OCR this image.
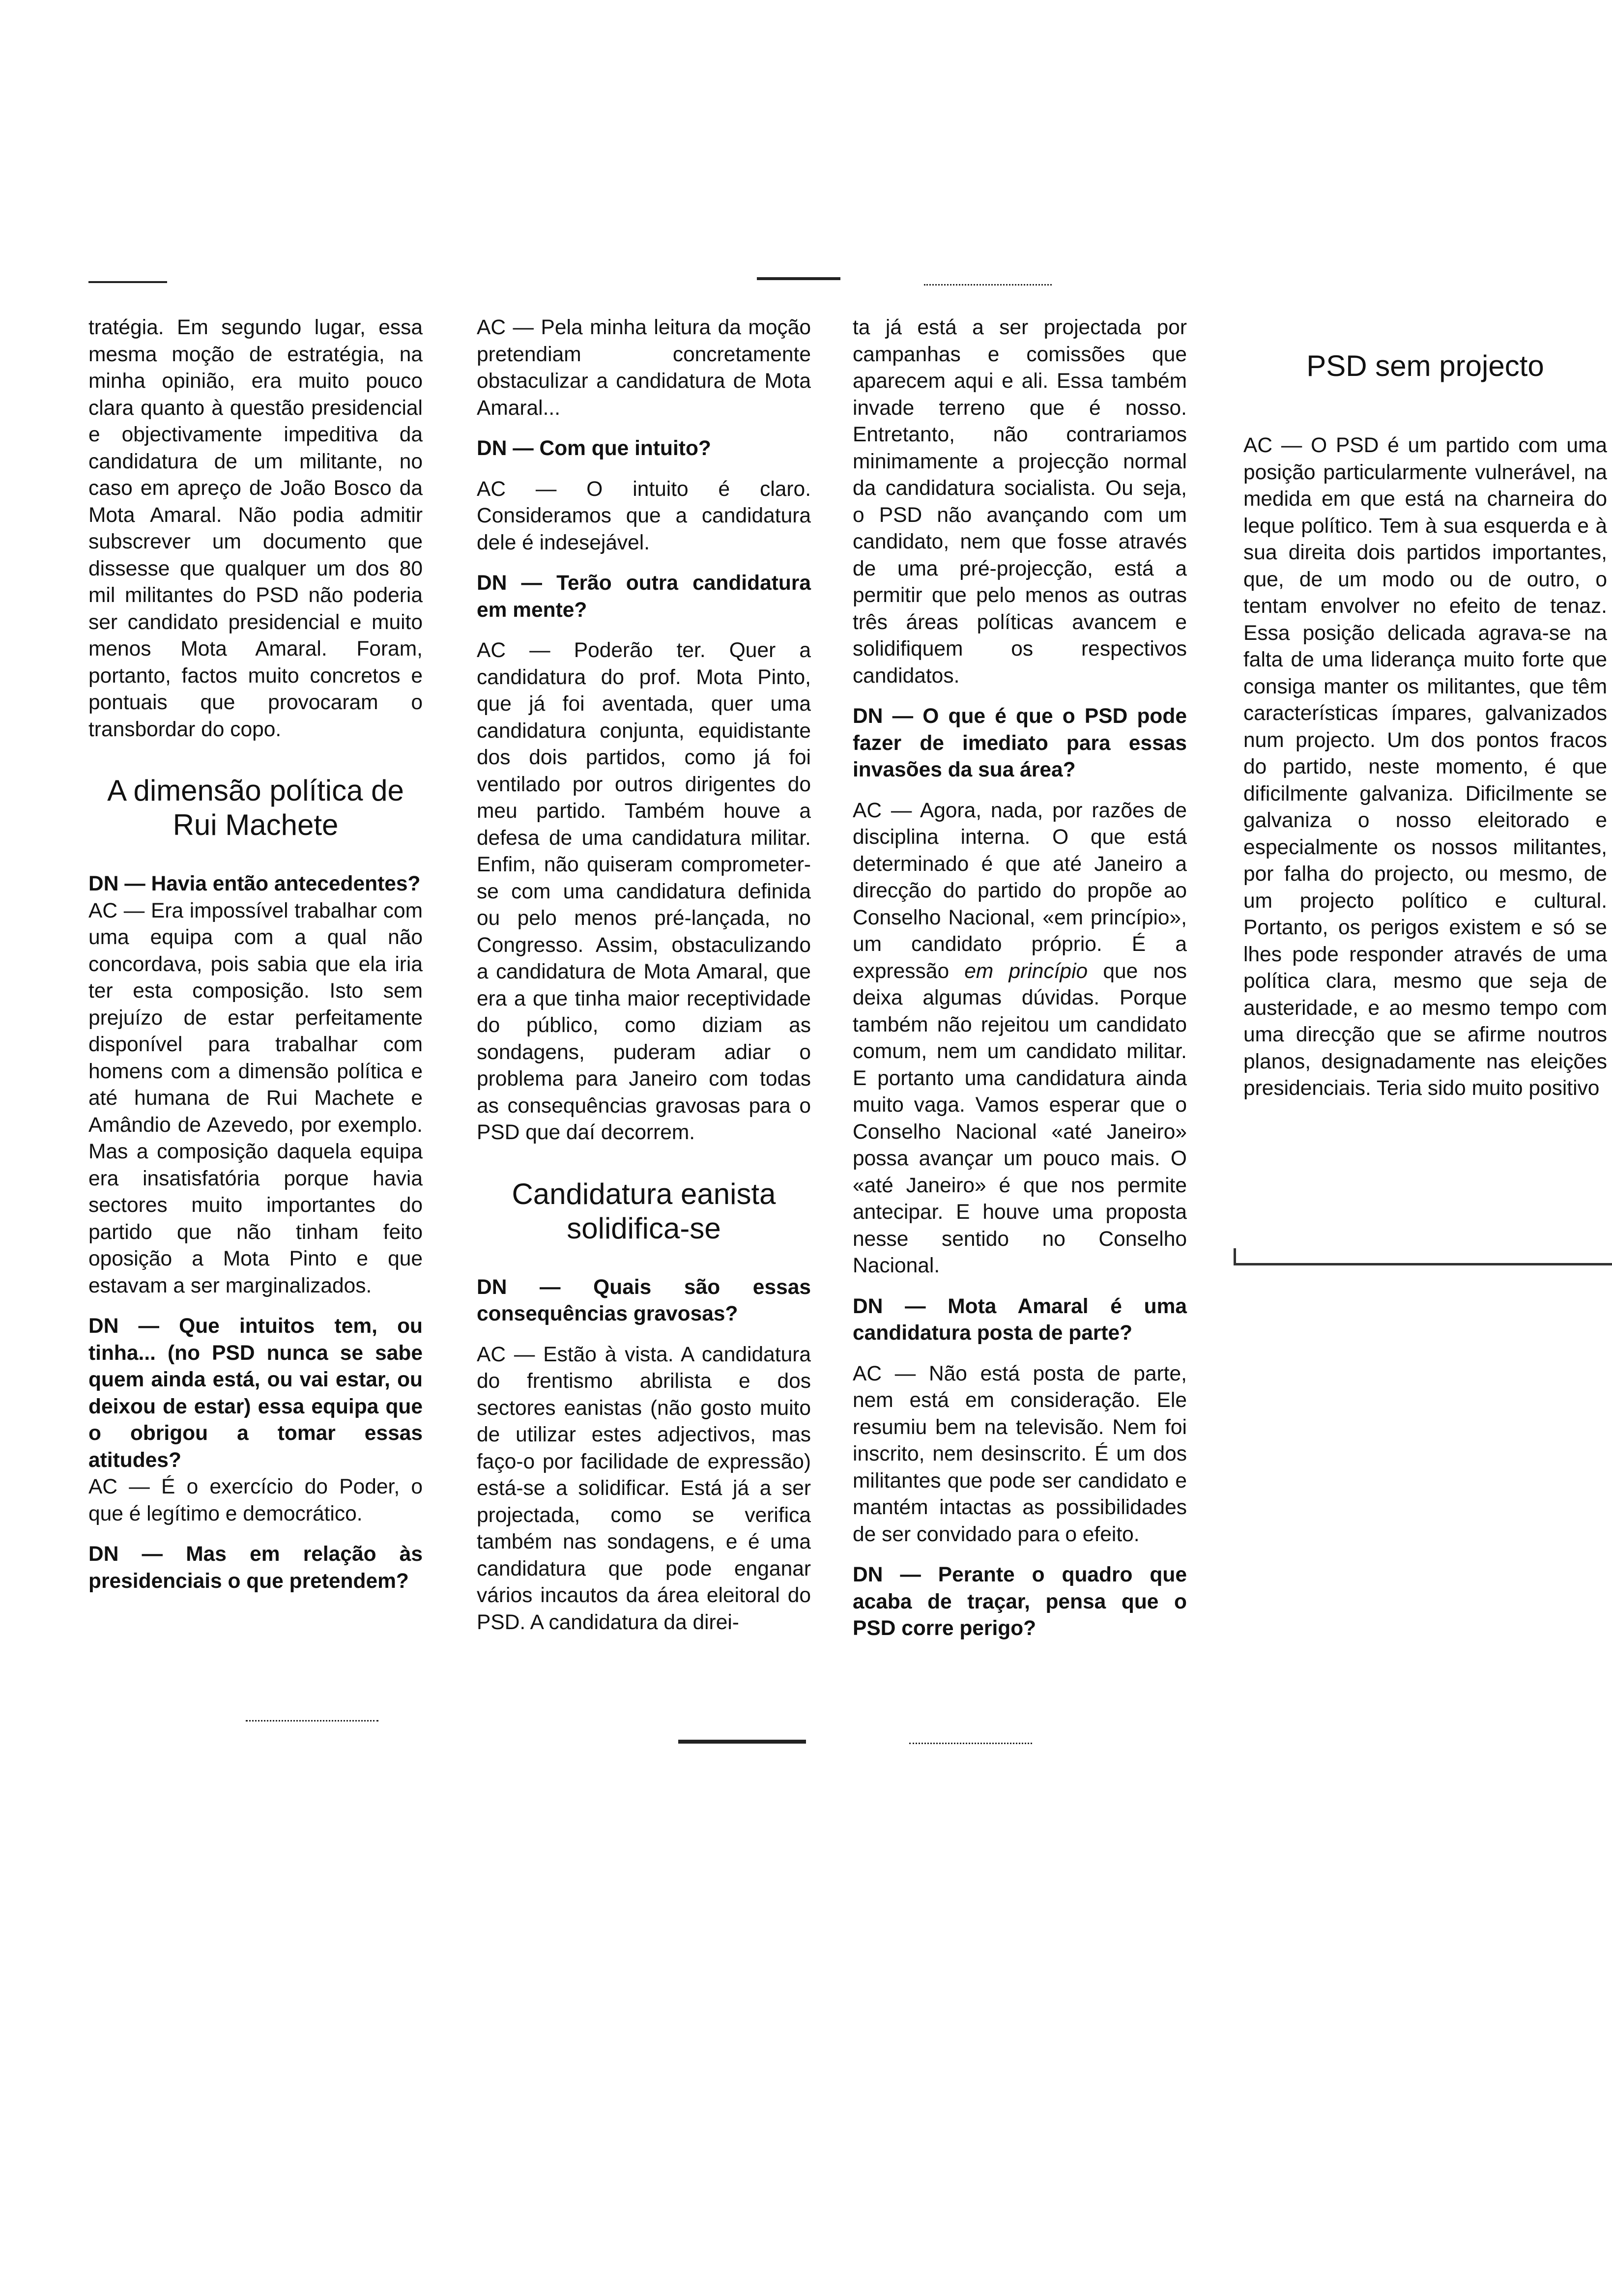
tratégia. Em segundo lugar, essa mesma moção de estratégia, na minha opinião, era muito pouco clara quanto à questão presidencial e objectivamente impeditiva da candidatura de um militante, no caso em apreço de João Bosco da Mota Amaral. Não podia admitir subscrever um documento que dissesse que qualquer um dos 80 mil militantes do PSD não poderia ser candidato presidencial e muito menos Mota Amaral. Foram, portanto, factos muito concretos e pontuais que provocaram o transbordar do copo.

A dimensão política de Rui Machete

DN — Havia então antecedentes?

AC — Era impossível trabalhar com uma equipa com a qual não concordava, pois sabia que ela iria ter esta composição. Isto sem prejuízo de estar perfeitamente disponível para trabalhar com homens com a dimensão política e até humana de Rui Machete e Amândio de Azevedo, por exemplo. Mas a composição daquela equipa era insatisfatória porque havia sectores muito importantes do partido que não tinham feito oposição a Mota Pinto e que estavam a ser marginalizados.

DN — Que intuitos tem, ou tinha... (no PSD nunca se sabe quem ainda está, ou vai estar, ou deixou de estar) essa equipa que o obrigou a tomar essas atitudes?

AC — É o exercício do Poder, o que é legítimo e democrático.

DN — Mas em relação às presidenciais o que pretendem?

AC — Pela minha leitura da moção pretendiam concretamente obstaculizar a candidatura de Mota Amaral...

DN — Com que intuito?

AC — O intuito é claro. Consideramos que a candidatura dele é indesejável.

DN — Terão outra candidatura em mente?

AC — Poderão ter. Quer a candidatura do prof. Mota Pinto, que já foi aventada, quer uma candidatura conjunta, equidistante dos dois partidos, como já foi ventilado por outros dirigentes do meu partido. Também houve a defesa de uma candidatura militar. Enfim, não quiseram comprometer-se com uma candidatura definida ou pelo menos pré-lançada, no Congresso. Assim, obstaculizando a candidatura de Mota Amaral, que era a que tinha maior receptividade do público, como diziam as sondagens, puderam adiar o problema para Janeiro com todas as consequências gravosas para o PSD que daí decorrem.

Candidatura eanista solidifica-se

DN — Quais são essas consequências gravosas?

AC — Estão à vista. A candidatura do frentismo abrilista e dos sectores eanistas (não gosto muito de utilizar estes adjectivos, mas faço-o por facilidade de expressão) está-se a solidificar. Está já a ser projectada, como se verifica também nas sondagens, e é uma candidatura que pode enganar vários incautos da área eleitoral do PSD. A candidatura da direi-

ta já está a ser projectada por campanhas e comissões que aparecem aqui e ali. Essa também invade terreno que é nosso. Entretanto, não contrariamos minimamente a projecção normal da candidatura socialista. Ou seja, o PSD não avançando com um candidato, nem que fosse através de uma pré-projecção, está a permitir que pelo menos as outras três áreas políticas avancem e solidifiquem os respectivos candidatos.

DN — O que é que o PSD pode fazer de imediato para essas invasões da sua área?

AC — Agora, nada, por razões de disciplina interna. O que está determinado é que até Janeiro a direcção do partido do propõe ao Conselho Nacional, «em princípio», um candidato próprio. É a expressão em princípio que nos deixa algumas dúvidas. Porque também não rejeitou um candidato comum, nem um candidato militar. E portanto uma candidatura ainda muito vaga. Vamos esperar que o Conselho Nacional «até Janeiro» possa avançar um pouco mais. O «até Janeiro» é que nos permite antecipar. E houve uma proposta nesse sentido no Conselho Nacional.

DN — Mota Amaral é uma candidatura posta de parte?

AC — Não está posta de parte, nem está em consideração. Ele resumiu bem na televisão. Nem foi inscrito, nem desinscrito. É um dos militantes que pode ser candidato e mantém intactas as possibilidades de ser convidado para o efeito.

DN — Perante o quadro que acaba de traçar, pensa que o PSD corre perigo?

PSD sem projecto

AC — O PSD é um partido com uma posição particularmente vulnerável, na medida em que está na charneira do leque político. Tem à sua esquerda e à sua direita dois partidos importantes, que, de um modo ou de outro, o tentam envolver no efeito de tenaz. Essa posição delicada agrava-se na falta de uma liderança muito forte que consiga manter os militantes, que têm características ímpares, galvanizados num projecto. Um dos pontos fracos do partido, neste momento, é que dificilmente galvaniza. Dificilmente se galvaniza o nosso eleitorado e especialmente os nossos militantes, por falha do projecto, ou mesmo, de um projecto político e cultural. Portanto, os perigos existem e só se lhes pode responder através de uma política clara, mesmo que seja de austeridade, e ao mesmo tempo com uma direcção que se afirme noutros planos, designadamente nas eleições presidenciais. Teria sido muito positivo
